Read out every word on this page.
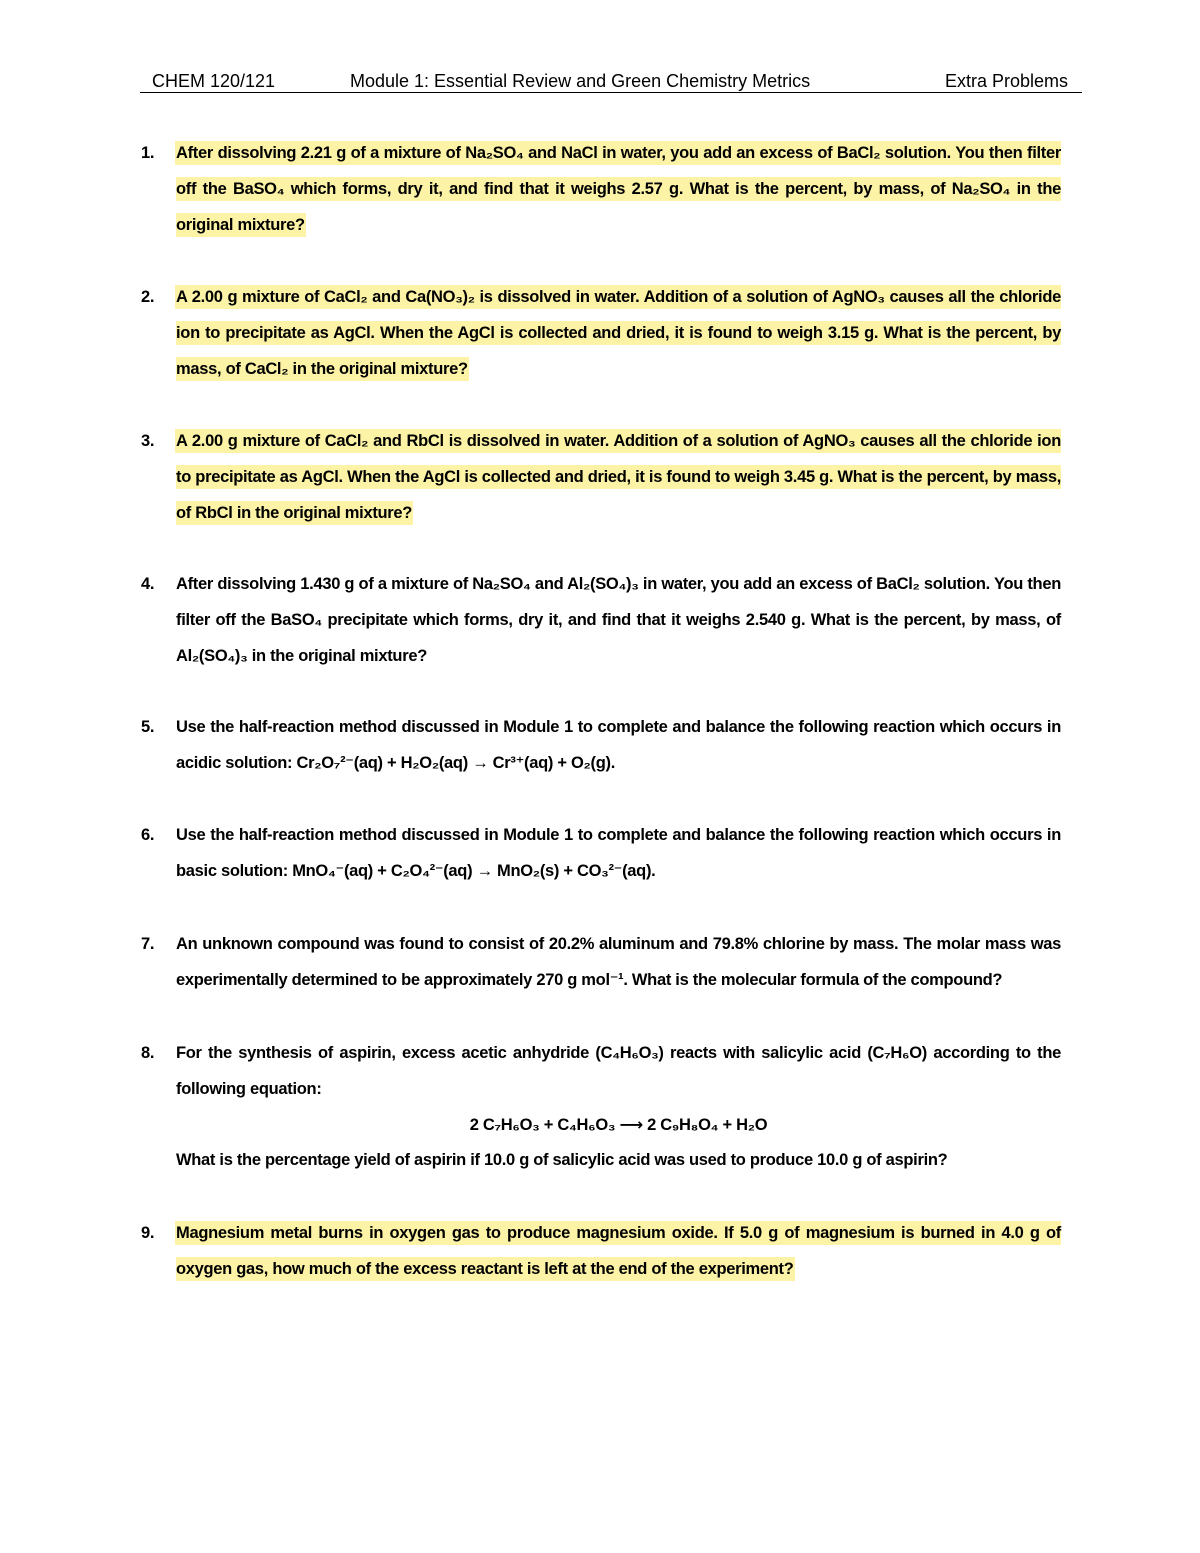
CHEM 120/121	Module 1: Essential Review and Green Chemistry Metrics	Extra Problems
1.	After dissolving 2.21 g of a mixture of Na₂SO₄ and NaCl in water, you add an excess of BaCl₂ solution. You then filter off the BaSO₄ which forms, dry it, and find that it weighs 2.57 g. What is the percent, by mass, of Na₂SO₄ in the original mixture?
2.	A 2.00 g mixture of CaCl₂ and Ca(NO₃)₂ is dissolved in water. Addition of a solution of AgNO₃ causes all the chloride ion to precipitate as AgCl. When the AgCl is collected and dried, it is found to weigh 3.15 g. What is the percent, by mass, of CaCl₂ in the original mixture?
3.	A 2.00 g mixture of CaCl₂ and RbCl is dissolved in water. Addition of a solution of AgNO₃ causes all the chloride ion to precipitate as AgCl. When the AgCl is collected and dried, it is found to weigh 3.45 g. What is the percent, by mass, of RbCl in the original mixture?
4.	After dissolving 1.430 g of a mixture of Na₂SO₄ and Al₂(SO₄)₃ in water, you add an excess of BaCl₂ solution. You then filter off the BaSO₄ precipitate which forms, dry it, and find that it weighs 2.540 g. What is the percent, by mass, of Al₂(SO₄)₃ in the original mixture?
5.	Use the half-reaction method discussed in Module 1 to complete and balance the following reaction which occurs in acidic solution: Cr₂O₇²⁻(aq) + H₂O₂(aq) → Cr³⁺(aq) + O₂(g).
6.	Use the half-reaction method discussed in Module 1 to complete and balance the following reaction which occurs in basic solution: MnO₄⁻(aq) + C₂O₄²⁻(aq) → MnO₂(s) + CO₃²⁻(aq).
7.	An unknown compound was found to consist of 20.2% aluminum and 79.8% chlorine by mass. The molar mass was experimentally determined to be approximately 270 g mol⁻¹. What is the molecular formula of the compound?
8.	For the synthesis of aspirin, excess acetic anhydride (C₄H₆O₃) reacts with salicylic acid (C₇H₆O) according to the following equation:
2 C₇H₆O₃ + C₄H₆O₃ ⟶ 2 C₉H₈O₄ + H₂O
What is the percentage yield of aspirin if 10.0 g of salicylic acid was used to produce 10.0 g of aspirin?
9.	Magnesium metal burns in oxygen gas to produce magnesium oxide. If 5.0 g of magnesium is burned in 4.0 g of oxygen gas, how much of the excess reactant is left at the end of the experiment?
